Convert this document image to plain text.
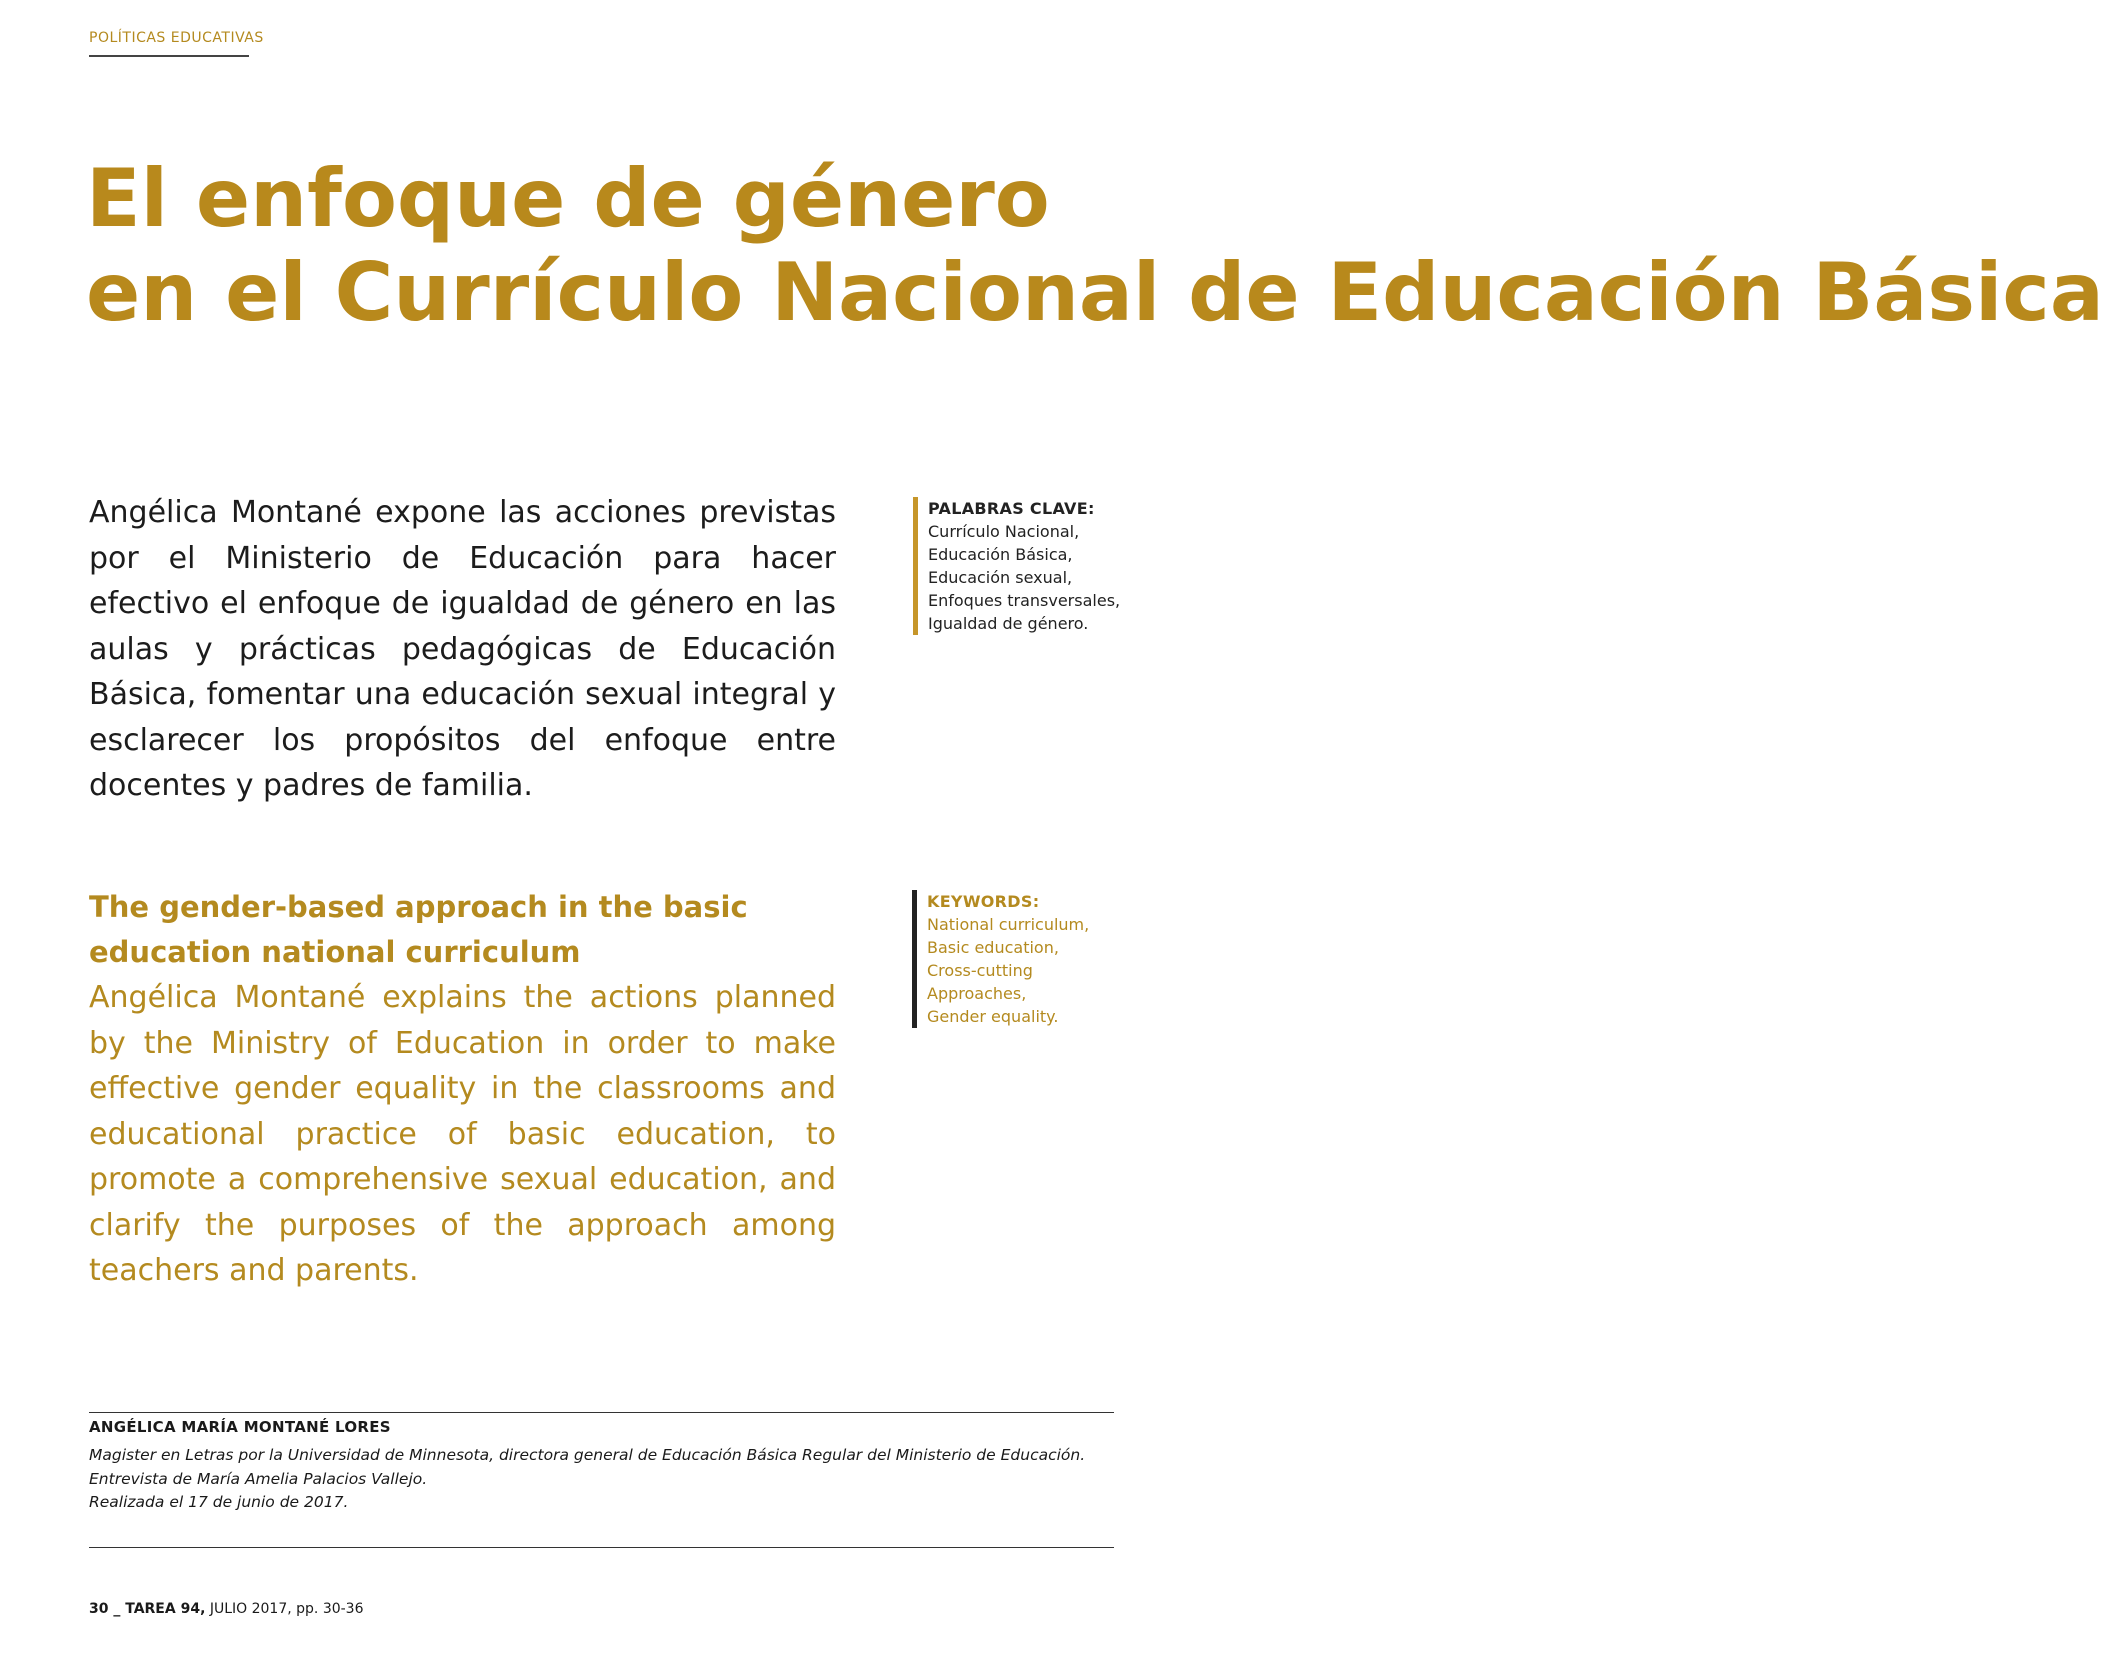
POLÍTICAS EDUCATIVAS
El enfoque de género
en el Currículo Nacional de Educación Básica
Angélica Montané expone las acciones previstas por el Ministerio de Educación para hacer efectivo el enfoque de igualdad de género en las aulas y prácticas pedagógicas de Educación Básica, fomentar una educación sexual integral y esclarecer los propósitos del enfoque entre docentes y padres de familia.
PALABRAS CLAVE:
Currículo Nacional,
Educación Básica,
Educación sexual,
Enfoques transversales,
Igualdad de género.
The gender-based approach in the basic education national curriculum
Angélica Montané explains the actions planned by the Ministry of Education in order to make effective gender equality in the classrooms and educational practice of basic education, to promote a comprehensive sexual education, and clarify the purposes of the approach among teachers and parents.
KEYWORDS:
National curriculum,
Basic education,
Cross-cutting
Approaches,
Gender equality.
ANGÉLICA MARÍA MONTANÉ LORES
Magister en Letras por la Universidad de Minnesota, directora general de Educación Básica Regular del Ministerio de Educación.
Entrevista de María Amelia Palacios Vallejo.
Realizada el 17 de junio de 2017.
30 _ TAREA 94, JULIO 2017, pp. 30-36
